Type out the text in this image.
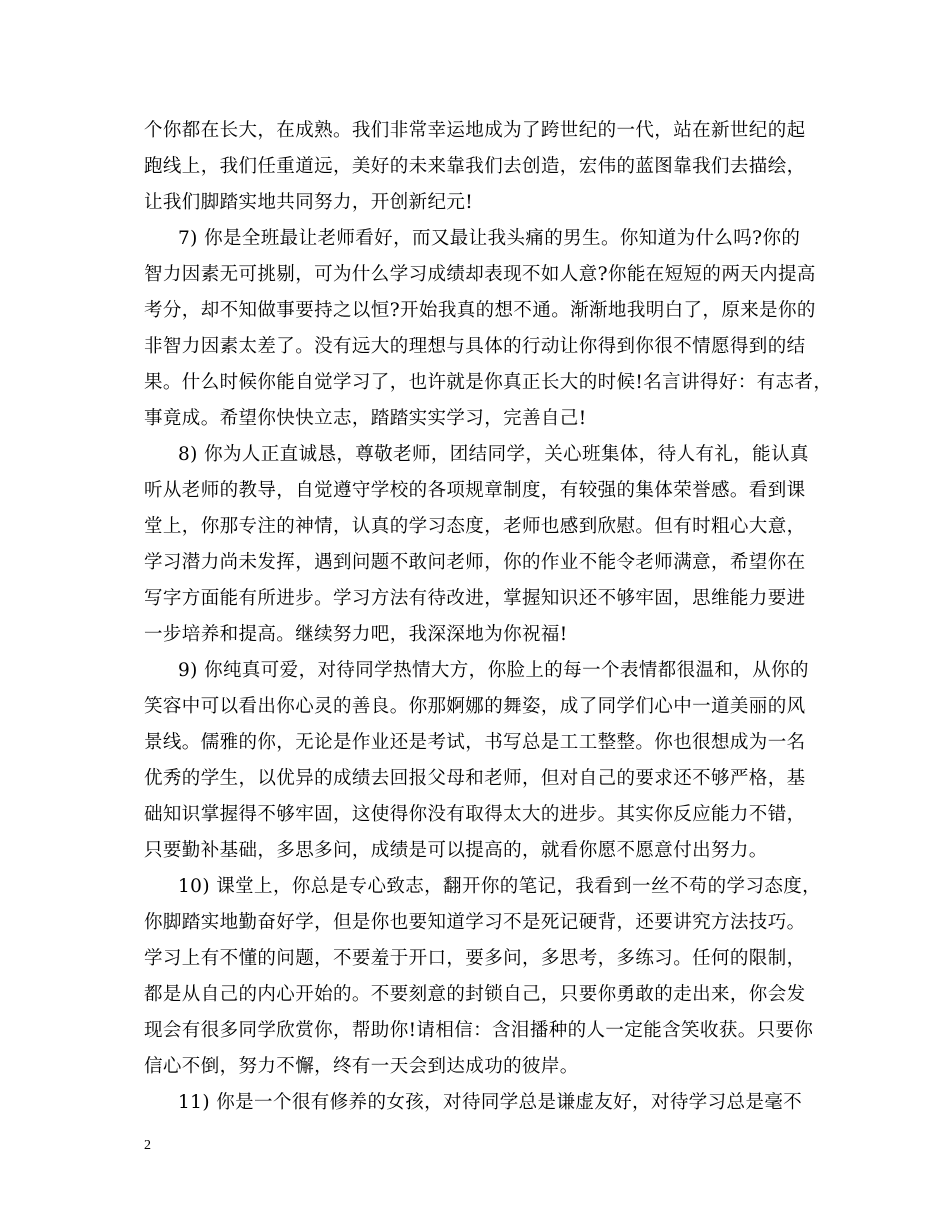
个你都在长大，在成熟。我们非常幸运地成为了跨世纪的一代，站在新世纪的起
跑线上，我们任重道远，美好的未来靠我们去创造，宏伟的蓝图靠我们去描绘，
让我们脚踏实地共同努力，开创新纪元!
7) 你是全班最让老师看好，而又最让我头痛的男生。你知道为什么吗?你的
智力因素无可挑剔，可为什么学习成绩却表现不如人意?你能在短短的两天内提高
考分，却不知做事要持之以恒?开始我真的想不通。渐渐地我明白了，原来是你的
非智力因素太差了。没有远大的理想与具体的行动让你得到你很不情愿得到的结
果。什么时候你能自觉学习了，也许就是你真正长大的时候!名言讲得好：有志者，
事竟成。希望你快快立志，踏踏实实学习，完善自己!
8) 你为人正直诚恳，尊敬老师，团结同学，关心班集体，待人有礼，能认真
听从老师的教导，自觉遵守学校的各项规章制度，有较强的集体荣誉感。看到课
堂上，你那专注的神情，认真的学习态度，老师也感到欣慰。但有时粗心大意，
学习潜力尚未发挥，遇到问题不敢问老师，你的作业不能令老师满意，希望你在
写字方面能有所进步。学习方法有待改进，掌握知识还不够牢固，思维能力要进
一步培养和提高。继续努力吧，我深深地为你祝福!
9) 你纯真可爱，对待同学热情大方，你脸上的每一个表情都很温和，从你的
笑容中可以看出你心灵的善良。你那婀娜的舞姿，成了同学们心中一道美丽的风
景线。儒雅的你，无论是作业还是考试，书写总是工工整整。你也很想成为一名
优秀的学生，以优异的成绩去回报父母和老师，但对自己的要求还不够严格，基
础知识掌握得不够牢固，这使得你没有取得太大的进步。其实你反应能力不错，
只要勤补基础，多思多问，成绩是可以提高的，就看你愿不愿意付出努力。
10) 课堂上，你总是专心致志，翻开你的笔记，我看到一丝不苟的学习态度，
你脚踏实地勤奋好学，但是你也要知道学习不是死记硬背，还要讲究方法技巧。
学习上有不懂的问题，不要羞于开口，要多问，多思考，多练习。任何的限制，
都是从自己的内心开始的。不要刻意的封锁自己，只要你勇敢的走出来，你会发
现会有很多同学欣赏你，帮助你!请相信：含泪播种的人一定能含笑收获。只要你
信心不倒，努力不懈，终有一天会到达成功的彼岸。
11) 你是一个很有修养的女孩，对待同学总是谦虚友好，对待学习总是毫不
2
